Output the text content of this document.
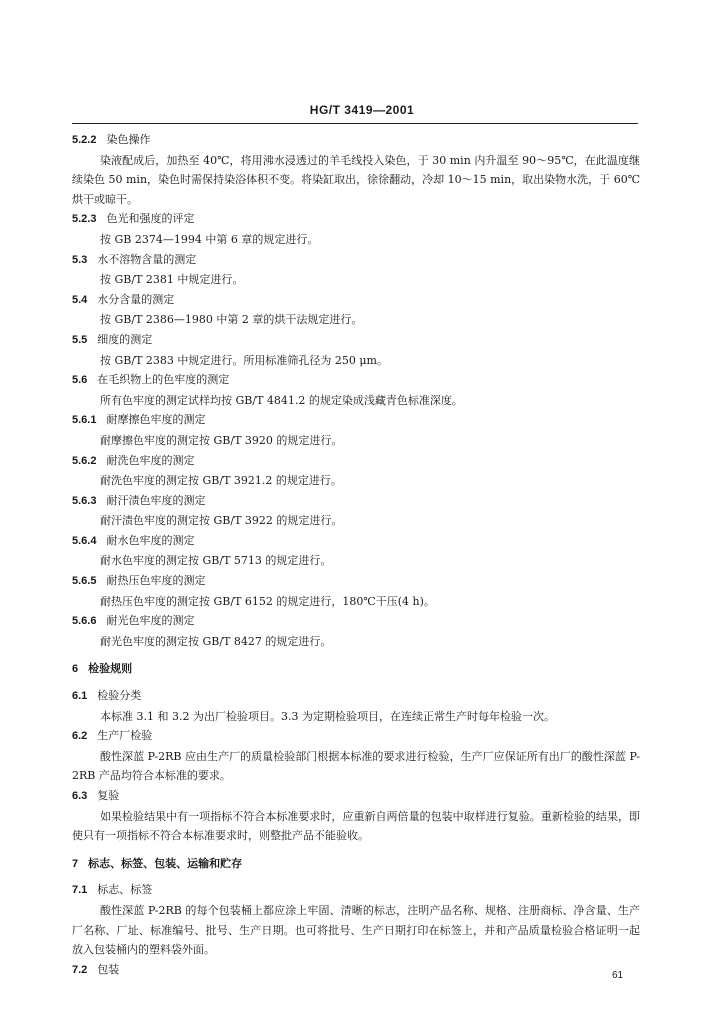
HG/T 3419—2001
5.2.2 染色操作

染液配成后，加热至 40℃，将用沸水浸透过的羊毛线投入染色，于 30 min 内升温至 90～95℃，在此温度继续染色 50 min，染色时需保持染浴体积不变。将染缸取出，徐徐翻动，冷却 10～15 min，取出染物水洗，于 60℃烘干或晾干。

5.2.3 色光和强度的评定

按 GB 2374—1994 中第 6 章的规定进行。

5.3 水不溶物含量的测定

按 GB/T 2381 中规定进行。

5.4 水分含量的测定

按 GB/T 2386—1980 中第 2 章的烘干法规定进行。

5.5 细度的测定

按 GB/T 2383 中规定进行。所用标准筛孔径为 250 μm。

5.6 在毛织物上的色牢度的测定

所有色牢度的测定试样均按 GB/T 4841.2 的规定染成浅藏青色标准深度。

5.6.1 耐摩擦色牢度的测定

耐摩擦色牢度的测定按 GB/T 3920 的规定进行。

5.6.2 耐洗色牢度的测定

耐洗色牢度的测定按 GB/T 3921.2 的规定进行。

5.6.3 耐汗渍色牢度的测定

耐汗渍色牢度的测定按 GB/T 3922 的规定进行。

5.6.4 耐水色牢度的测定

耐水色牢度的测定按 GB/T 5713 的规定进行。

5.6.5 耐热压色牢度的测定

耐热压色牢度的测定按 GB/T 6152 的规定进行，180℃干压(4 h)。

5.6.6 耐光色牢度的测定

耐光色牢度的测定按 GB/T 8427 的规定进行。

6 检验规则
6.1 检验分类

本标准 3.1 和 3.2 为出厂检验项目。3.3 为定期检验项目，在连续正常生产时每年检验一次。

6.2 生产厂检验

酸性深蓝 P-2RB 应由生产厂的质量检验部门根据本标准的要求进行检验，生产厂应保证所有出厂的酸性深蓝 P-2RB 产品均符合本标准的要求。

6.3 复验

如果检验结果中有一项指标不符合本标准要求时，应重新自两倍量的包装中取样进行复验。重新检验的结果，即使只有一项指标不符合本标准要求时，则整批产品不能验收。

7 标志、标签、包装、运输和贮存
7.1 标志、标签

酸性深蓝 P-2RB 的每个包装桶上都应涂上牢固、清晰的标志，注明产品名称、规格、注册商标、净含量、生产厂名称、厂址、标准编号、批号、生产日期。也可将批号、生产日期打印在标签上，并和产品质量检验合格证明一起放入包装桶内的塑料袋外面。

7.2 包装	61
